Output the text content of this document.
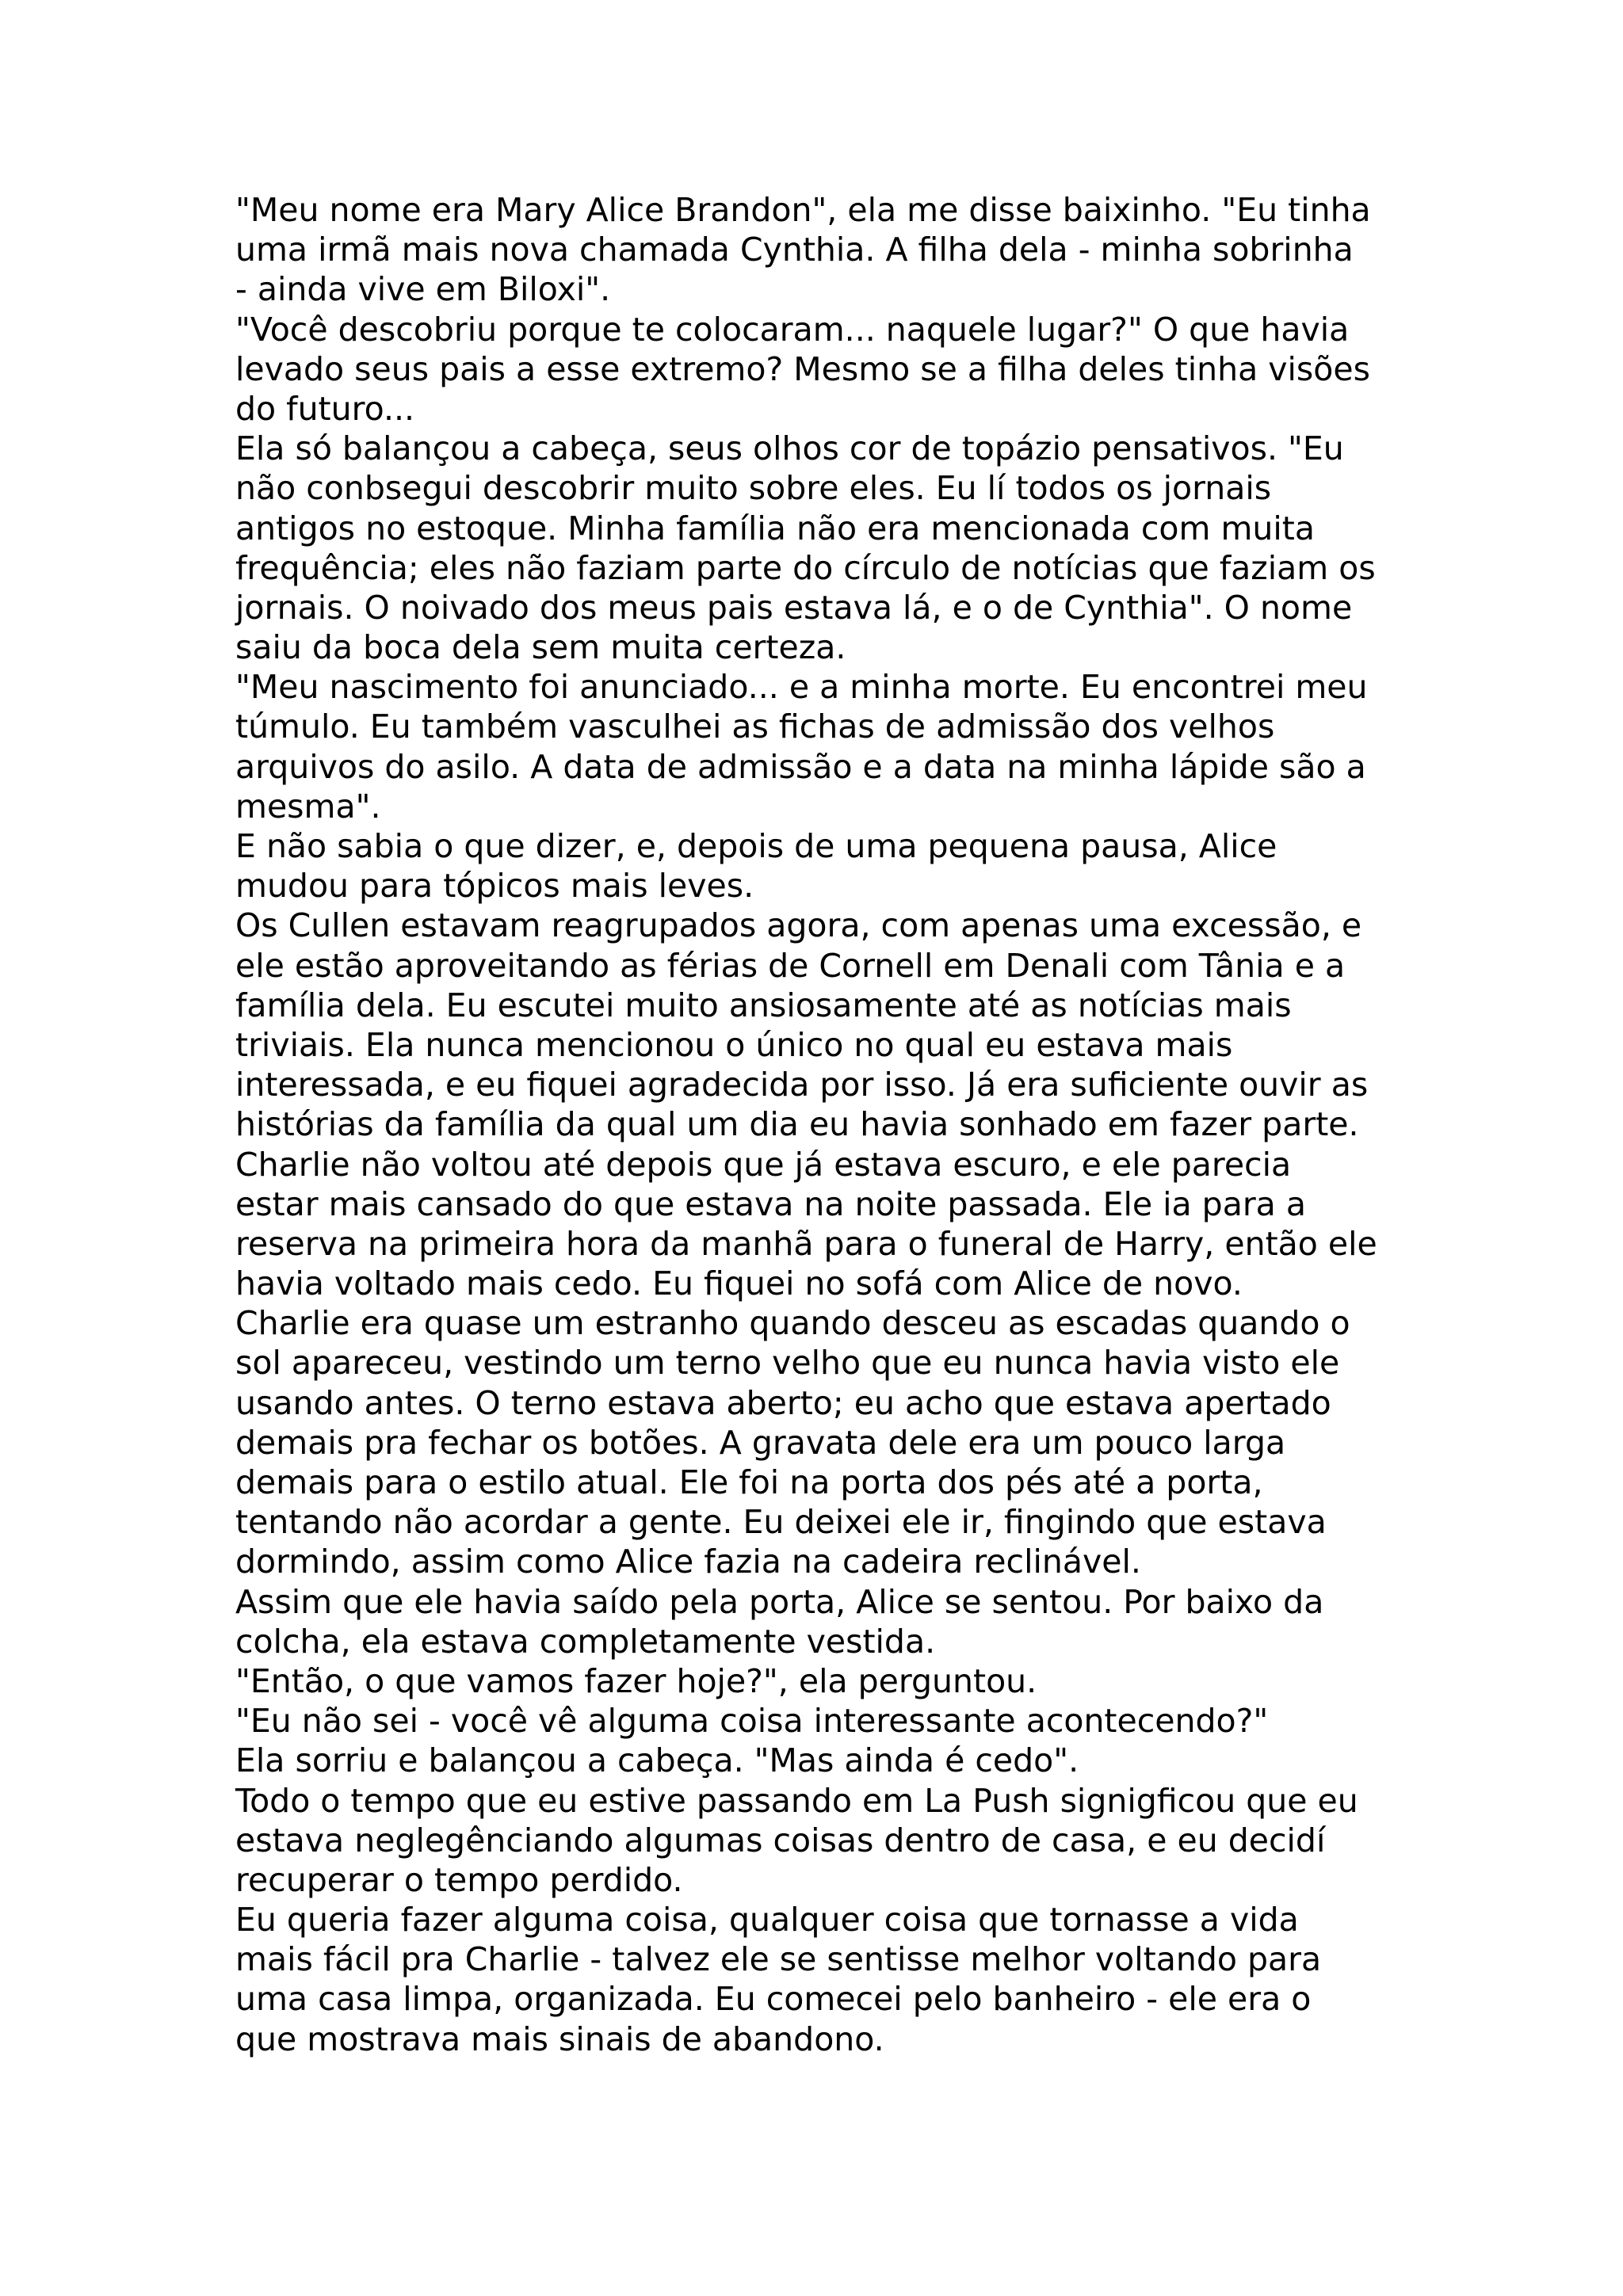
"Meu nome era Mary Alice Brandon", ela me disse baixinho. "Eu tinha
uma irmã mais nova chamada Cynthia. A filha dela - minha sobrinha
- ainda vive em Biloxi".
"Você descobriu porque te colocaram... naquele lugar?" O que havia
levado seus pais a esse extremo? Mesmo se a filha deles tinha visões
do futuro...
Ela só balançou a cabeça, seus olhos cor de topázio pensativos. "Eu
não conbsegui descobrir muito sobre eles. Eu lí todos os jornais
antigos no estoque. Minha família não era mencionada com muita
frequência; eles não faziam parte do círculo de notícias que faziam os
jornais. O noivado dos meus pais estava lá, e o de Cynthia". O nome
saiu da boca dela sem muita certeza.
"Meu nascimento foi anunciado... e a minha morte. Eu encontrei meu
túmulo. Eu também vasculhei as fichas de admissão dos velhos
arquivos do asilo. A data de admissão e a data na minha lápide são a
mesma".
E não sabia o que dizer, e, depois de uma pequena pausa, Alice
mudou para tópicos mais leves.
Os Cullen estavam reagrupados agora, com apenas uma excessão, e
ele estão aproveitando as férias de Cornell em Denali com Tânia e a
família dela. Eu escutei muito ansiosamente até as notícias mais
triviais. Ela nunca mencionou o único no qual eu estava mais
interessada, e eu fiquei agradecida por isso. Já era suficiente ouvir as
histórias da família da qual um dia eu havia sonhado em fazer parte.
Charlie não voltou até depois que já estava escuro, e ele parecia
estar mais cansado do que estava na noite passada. Ele ia para a
reserva na primeira hora da manhã para o funeral de Harry, então ele
havia voltado mais cedo. Eu fiquei no sofá com Alice de novo.
Charlie era quase um estranho quando desceu as escadas quando o
sol apareceu, vestindo um terno velho que eu nunca havia visto ele
usando antes. O terno estava aberto; eu acho que estava apertado
demais pra fechar os botões. A gravata dele era um pouco larga
demais para o estilo atual. Ele foi na porta dos pés até a porta,
tentando não acordar a gente. Eu deixei ele ir, fingindo que estava
dormindo, assim como Alice fazia na cadeira reclinável.
Assim que ele havia saído pela porta, Alice se sentou. Por baixo da
colcha, ela estava completamente vestida.
"Então, o que vamos fazer hoje?", ela perguntou.
"Eu não sei - você vê alguma coisa interessante acontecendo?"
Ela sorriu e balançou a cabeça. "Mas ainda é cedo".
Todo o tempo que eu estive passando em La Push signigficou que eu
estava neglegênciando algumas coisas dentro de casa, e eu decidí
recuperar o tempo perdido.
Eu queria fazer alguma coisa, qualquer coisa que tornasse a vida
mais fácil pra Charlie - talvez ele se sentisse melhor voltando para
uma casa limpa, organizada. Eu comecei pelo banheiro - ele era o
que mostrava mais sinais de abandono.
